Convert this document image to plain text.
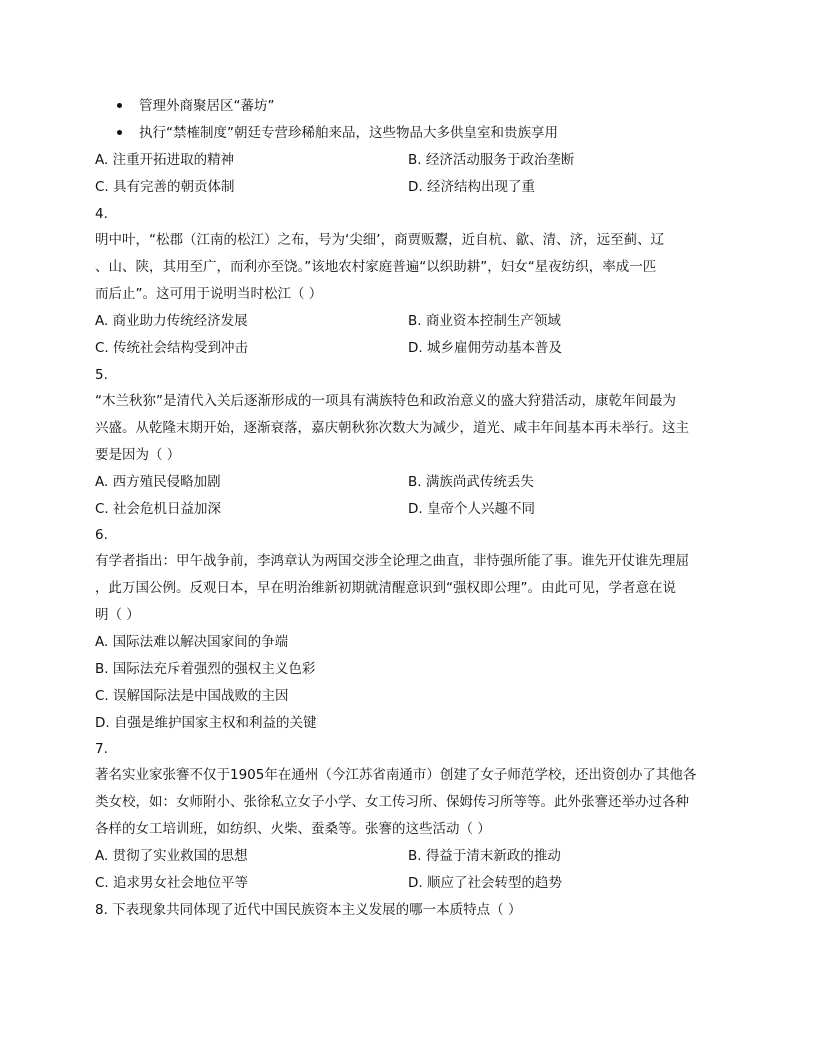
管理外商聚居区“蕃坊”
执行“禁榷制度”朝廷专营珍稀舶来品，这些物品大多供皇室和贵族享用
A. 注重开拓进取的精神	B. 经济活动服务于政治垄断
C. 具有完善的朝贡体制	D. 经济结构出现了重
4.
明中叶，“松郡（江南的松江）之布，号为‘尖细’，商贾贩鬻，近自杭、歙、清、济，远至蓟、辽
、山、陕，其用至广，而利亦至饶。”该地农村家庭普遍“以织助耕”，妇女“星夜纺织，率成一匹
而后止”。这可用于说明当时松江（ ）
A. 商业助力传统经济发展	B. 商业资本控制生产领域
C. 传统社会结构受到冲击	D. 城乡雇佣劳动基本普及
5.
“木兰秋狝”是清代入关后逐渐形成的一项具有满族特色和政治意义的盛大狩猎活动，康乾年间最为
兴盛。从乾隆末期开始，逐渐衰落，嘉庆朝秋狝次数大为减少，道光、咸丰年间基本再未举行。这主
要是因为（ ）
A. 西方殖民侵略加剧	B. 满族尚武传统丢失
C. 社会危机日益加深	D. 皇帝个人兴趣不同
6.
有学者指出：甲午战争前，李鸿章认为两国交涉全论理之曲直，非恃强所能了事。谁先开仗谁先理屈
，此万国公例。反观日本，早在明治维新初期就清醒意识到“强权即公理”。由此可见，学者意在说
明（ ）
A. 国际法难以解决国家间的争端
B. 国际法充斥着强烈的强权主义色彩
C. 误解国际法是中国战败的主因
D. 自强是维护国家主权和利益的关键
7.
著名实业家张謇不仅于1905年在通州（今江苏省南通市）创建了女子师范学校，还出资创办了其他各
类女校，如：女师附小、张徐私立女子小学、女工传习所、保姆传习所等等。此外张謇还举办过各种
各样的女工培训班，如纺织、火柴、蚕桑等。张謇的这些活动（ ）
A. 贯彻了实业救国的思想	B. 得益于清末新政的推动
C. 追求男女社会地位平等	D. 顺应了社会转型的趋势
8. 下表现象共同体现了近代中国民族资本主义发展的哪一本质特点（ ）
